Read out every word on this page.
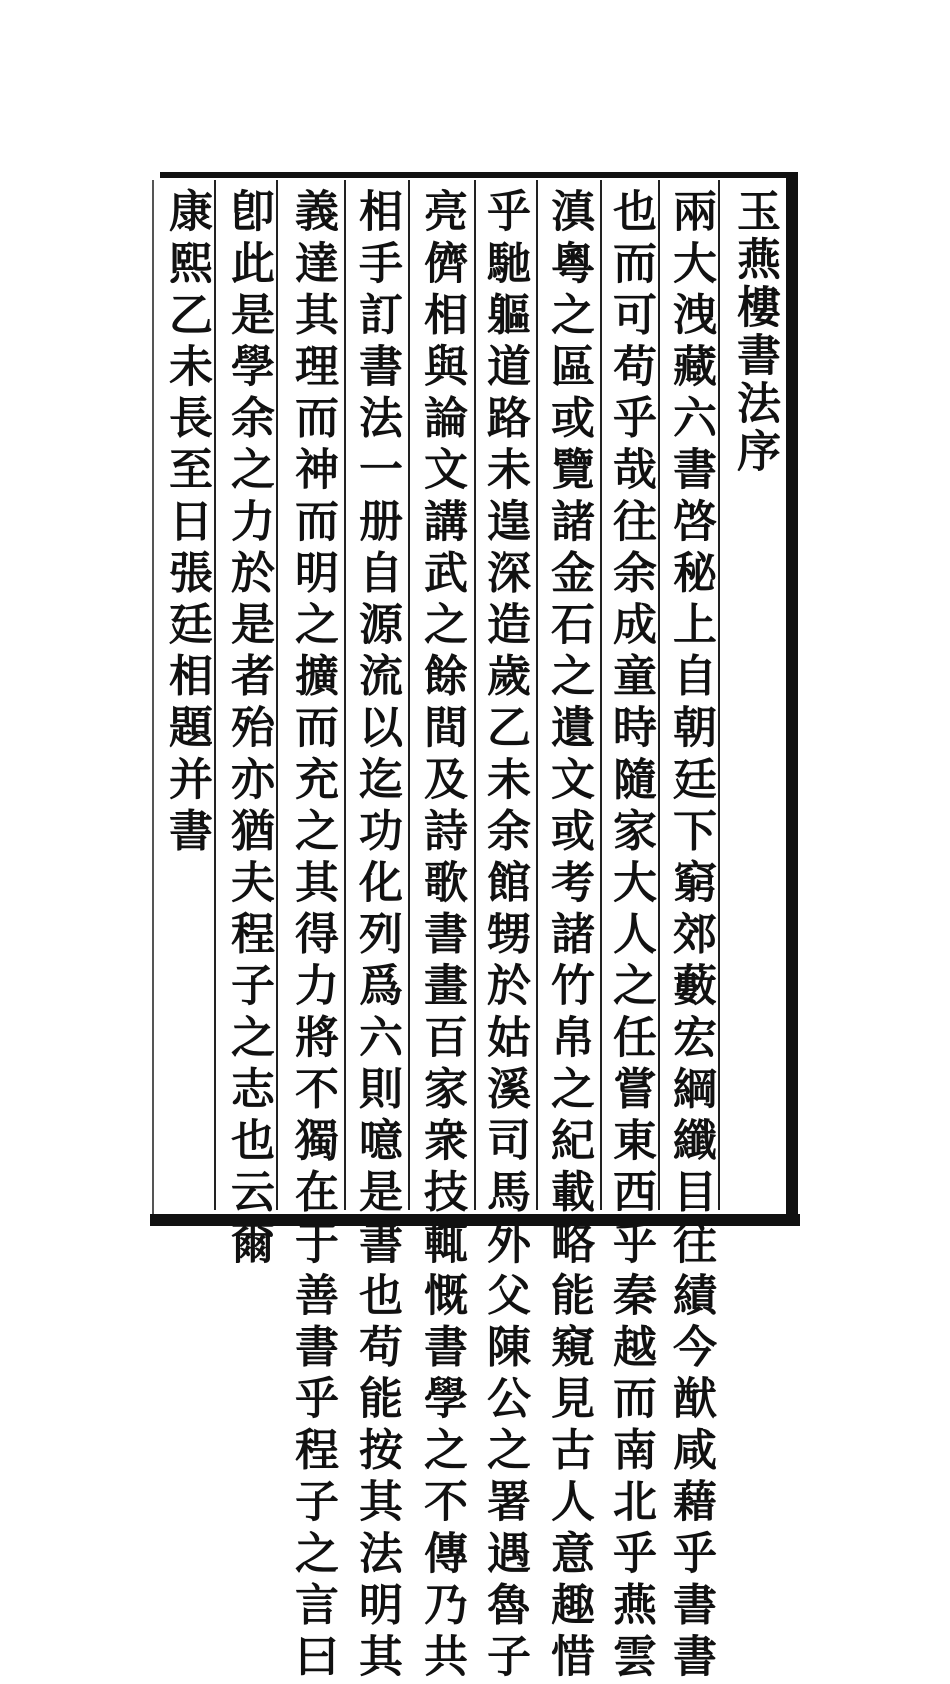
玉燕樓書法序
兩大洩藏六書啓秘上自朝廷下窮郊藪宏綱纖目往績今猷咸藉乎書書
也而可苟乎哉往余成童時隨家大人之任嘗東西乎秦越而南北乎燕雲
滇粵之區或覽諸金石之遺文或考諸竹帛之紀載略能窺見古人意趣惜
乎馳軀道路未遑深造歲乙未余館甥於姑溪司馬外父陳公之署遇魯子
亮儕相與論文講武之餘間及詩歌書畫百家衆技輒慨書學之不傳乃共
相手訂書法一册自源流以迄功化列爲六則噫是書也苟能按其法明其
義達其理而神而明之擴而充之其得力將不獨在于善書乎程子之言曰
卽此是學余之力於是者殆亦猶夫程子之志也云爾
康熙乙未長至日張廷相題并書
